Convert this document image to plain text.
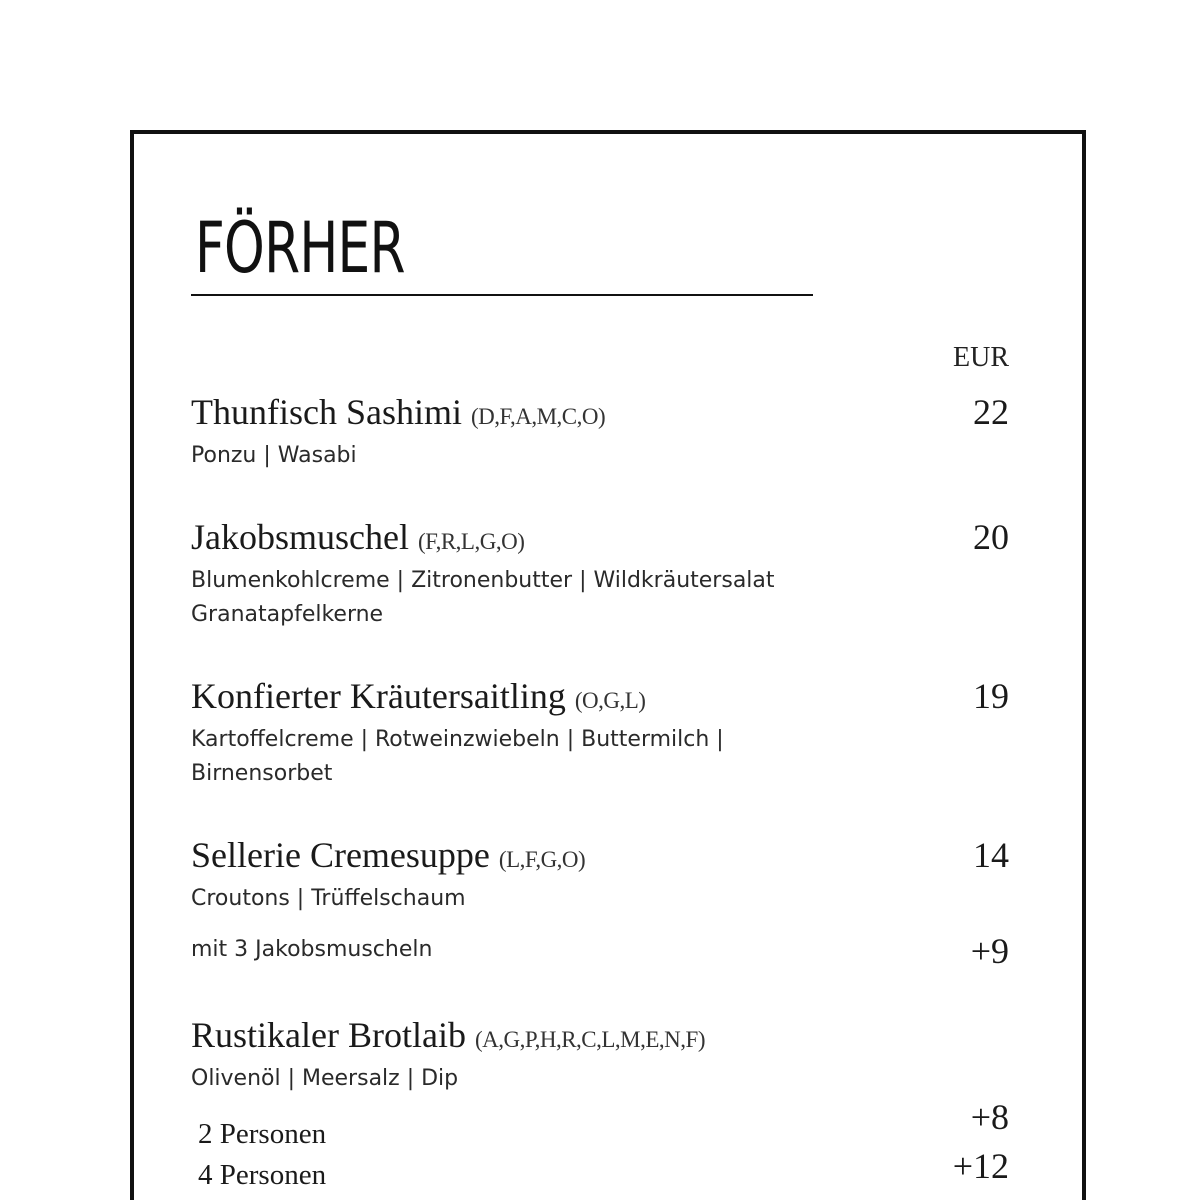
FÖRHER
EUR
Thunfisch Sashimi (D,F,A,M,C,O)
Ponzu | Wasabi
22
Jakobsmuschel (F,R,L,G,O)
Blumenkohlcreme | Zitronenbutter | Wildkräutersalat Granatapfelkerne
20
Konfierter Kräutersaitling (O,G,L)
Kartoffelcreme | Rotweinzwiebeln | Buttermilch | Birnensorbet
19
Sellerie Cremesuppe (L,F,G,O)
Croutons | Trüffelschaum
14
mit 3 Jakobsmuscheln	+9
Rustikaler Brotlaib (A,G,P,H,R,C,L,M,E,N,F)
Olivenöl | Meersalz | Dip
+8
2 Personen
+12
4 Personen
